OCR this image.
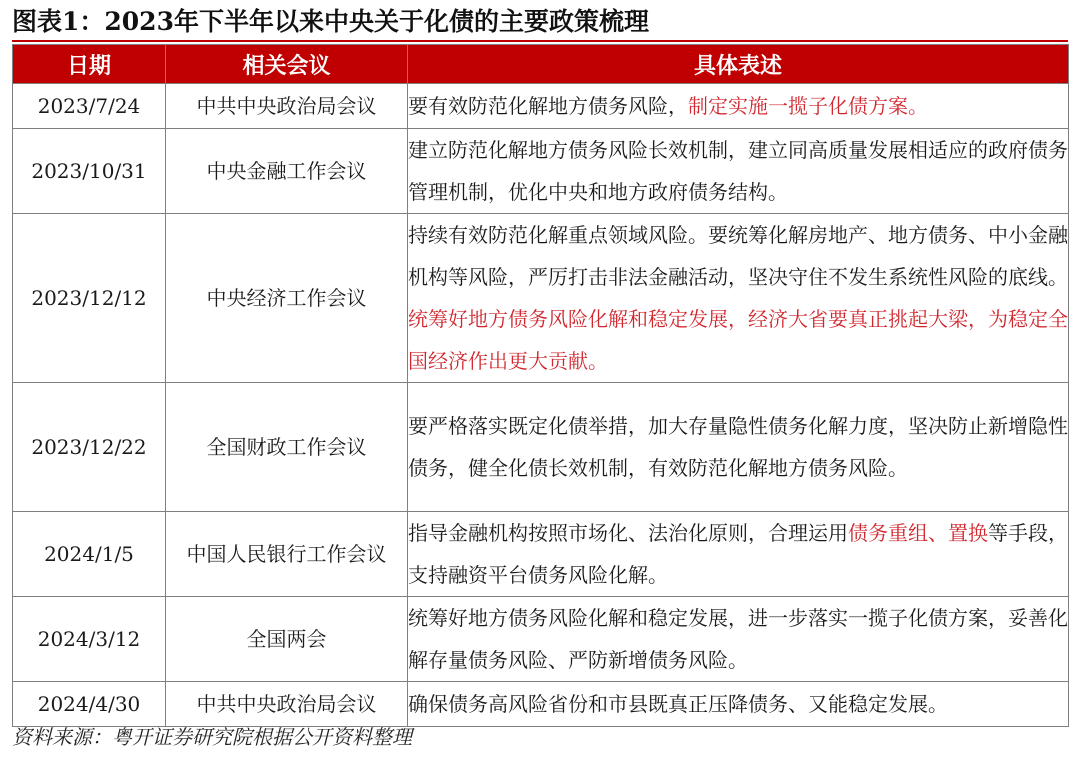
图表1：2023年下半年以来中央关于化债的主要政策梳理
日期	相关会议	具体表述
2023/7/24	中共中央政治局会议	要有效防范化解地方债务风险，制定实施一揽子化债方案。
2023/10/31	中央金融工作会议	建立防范化解地方债务风险长效机制，建立同高质量发展相适应的政府债务管理机制，优化中央和地方政府债务结构。
2023/12/12	中央经济工作会议	持续有效防范化解重点领域风险。要统筹化解房地产、地方债务、中小金融机构等风险，严厉打击非法金融活动，坚决守住不发生系统性风险的底线。统筹好地方债务风险化解和稳定发展，经济大省要真正挑起大梁，为稳定全国经济作出更大贡献。
2023/12/22	全国财政工作会议	要严格落实既定化债举措，加大存量隐性债务化解力度，坚决防止新增隐性债务，健全化债长效机制，有效防范化解地方债务风险。
2024/1/5	中国人民银行工作会议	指导金融机构按照市场化、法治化原则，合理运用债务重组、置换等手段，支持融资平台债务风险化解。
2024/3/12	全国两会	统筹好地方债务风险化解和稳定发展，进一步落实一揽子化债方案，妥善化解存量债务风险、严防新增债务风险。
2024/4/30	中共中央政治局会议	确保债务高风险省份和市县既真正压降债务、又能稳定发展。
资料来源：粤开证券研究院根据公开资料整理
